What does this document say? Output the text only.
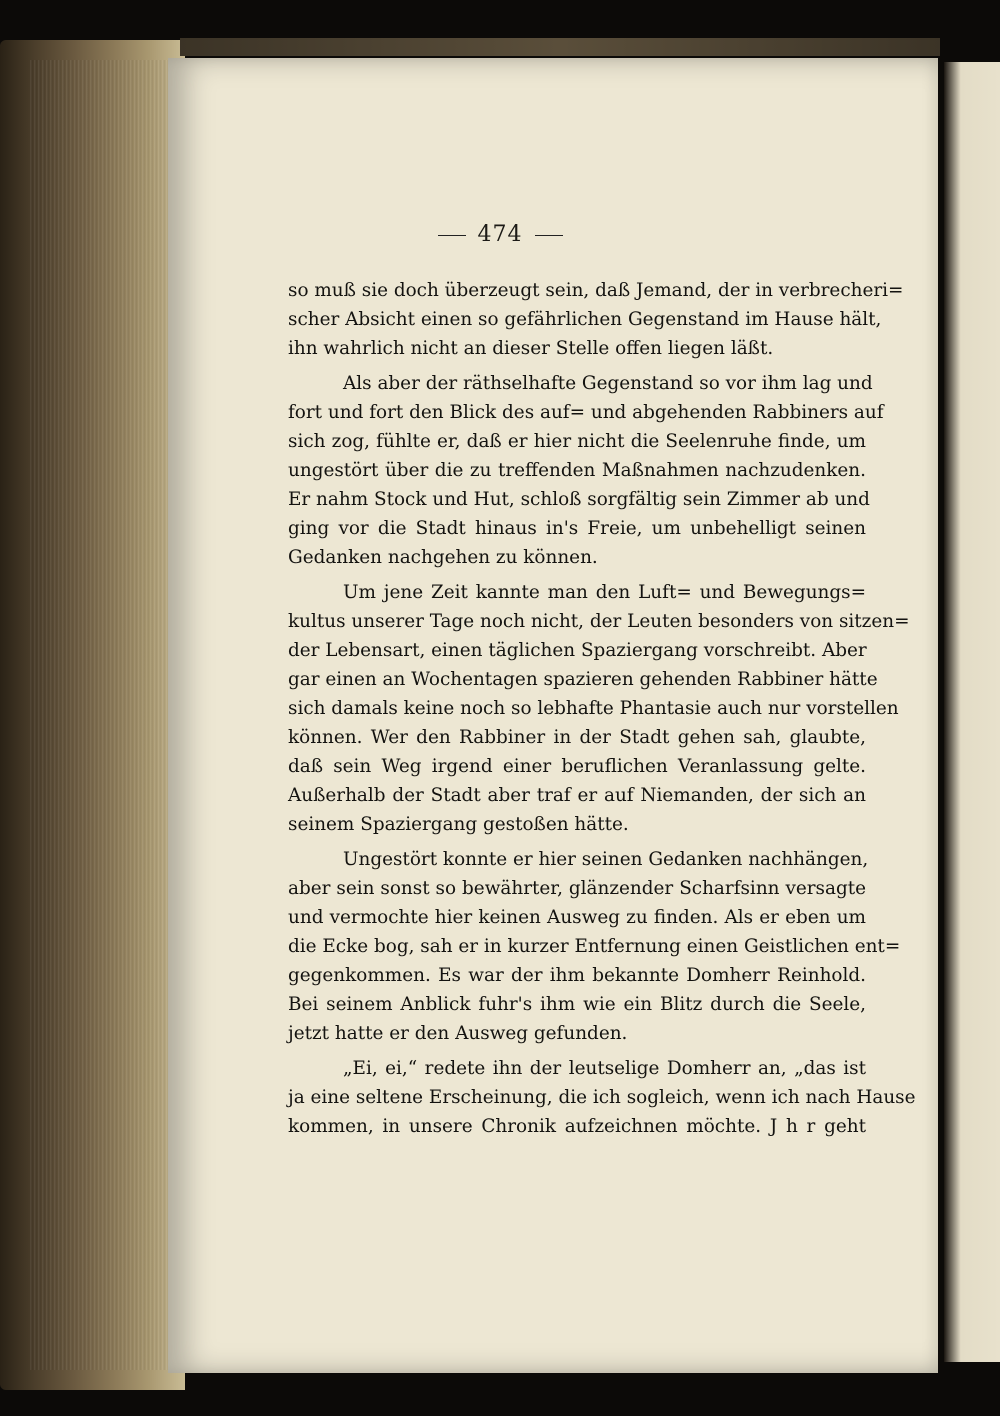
474
so muß sie doch überzeugt sein, daß Jemand, der in verbrecheri=
scher Absicht einen so gefährlichen Gegenstand im Hause hält,
ihn wahrlich nicht an dieser Stelle offen liegen läßt.
Als aber der räthselhafte Gegenstand so vor ihm lag und
fort und fort den Blick des auf= und abgehenden Rabbiners auf
sich zog, fühlte er, daß er hier nicht die Seelenruhe finde, um
ungestört über die zu treffenden Maßnahmen nachzudenken.
Er nahm Stock und Hut, schloß sorgfältig sein Zimmer ab und
ging vor die Stadt hinaus in's Freie, um unbehelligt seinen
Gedanken nachgehen zu können.
Um jene Zeit kannte man den Luft= und Bewegungs=
kultus unserer Tage noch nicht, der Leuten besonders von sitzen=
der Lebensart, einen täglichen Spaziergang vorschreibt. Aber
gar einen an Wochentagen spazieren gehenden Rabbiner hätte
sich damals keine noch so lebhafte Phantasie auch nur vorstellen
können. Wer den Rabbiner in der Stadt gehen sah, glaubte,
daß sein Weg irgend einer beruflichen Veranlassung gelte.
Außerhalb der Stadt aber traf er auf Niemanden, der sich an
seinem Spaziergang gestoßen hätte.
Ungestört konnte er hier seinen Gedanken nachhängen,
aber sein sonst so bewährter, glänzender Scharfsinn versagte
und vermochte hier keinen Ausweg zu finden. Als er eben um
die Ecke bog, sah er in kurzer Entfernung einen Geistlichen ent=
gegenkommen. Es war der ihm bekannte Domherr Reinhold.
Bei seinem Anblick fuhr's ihm wie ein Blitz durch die Seele,
jetzt hatte er den Ausweg gefunden.
„Ei, ei,“ redete ihn der leutselige Domherr an, „das ist
ja eine seltene Erscheinung, die ich sogleich, wenn ich nach Hause
kommen, in unsere Chronik aufzeichnen möchte. J h r geht
